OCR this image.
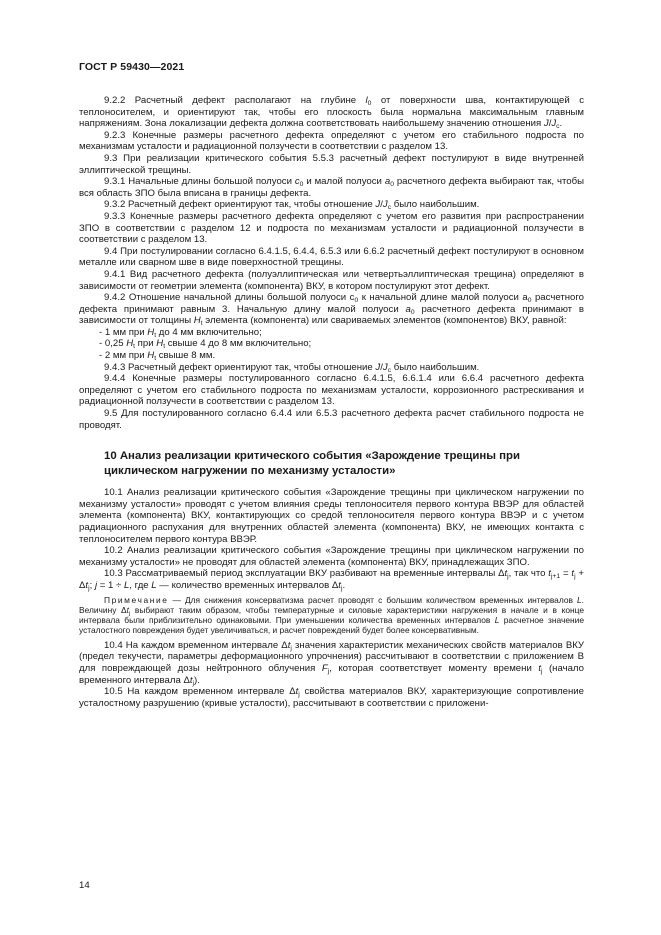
ГОСТ Р 59430—2021

9.2.2 Расчетный дефект располагают на глубине $l_0$ от поверхности шва, контактирующей с теплоносителем, и ориентируют так, чтобы его плоскость была нормальна максимальным главным напряжениям. Зона локализации дефекта должна соответствовать наибольшему значению отношения $J/J_c$.

9.2.3 Конечные размеры расчетного дефекта определяют с учетом его стабильного подроста по механизмам усталости и радиационной ползучести в соответствии с разделом 13.

9.3 При реализации критического события 5.5.3 расчетный дефект постулируют в виде внутренней эллиптической трещины.

9.3.1 Начальные длины большой полуоси $c_0$ и малой полуоси $a_0$ расчетного дефекта выбирают так, чтобы вся область ЗПО была вписана в границы дефекта.

9.3.2 Расчетный дефект ориентируют так, чтобы отношение $J/J_c$ было наибольшим.

9.3.3 Конечные размеры расчетного дефекта определяют с учетом его развития при распространении ЗПО в соответствии с разделом 12 и подроста по механизмам усталости и радиационной ползучести в соответствии с разделом 13.

9.4 При постулировании согласно 6.4.1.5, 6.4.4, 6.5.3 или 6.6.2 расчетный дефект постулируют в основном металле или сварном шве в виде поверхностной трещины.

9.4.1 Вид расчетного дефекта (полуэллиптическая или четвертьэллиптическая трещина) определяют в зависимости от геометрии элемента (компонента) ВКУ, в котором постулируют этот дефект.

9.4.2 Отношение начальной длины большой полуоси $c_0$ к начальной длине малой полуоси $a_0$ расчетного дефекта принимают равным 3. Начальную длину малой полуоси $a_0$ расчетного дефекта принимают в зависимости от толщины $H_t$ элемента (компонента) или свариваемых элементов (компонентов) ВКУ, равной:

- 1 мм при $H_t$ до 4 мм включительно;

- 0,25 $H_t$ при $H_t$ свыше 4 до 8 мм включительно;

- 2 мм при $H_t$ свыше 8 мм.

9.4.3 Расчетный дефект ориентируют так, чтобы отношение $J/J_c$ было наибольшим.

9.4.4 Конечные размеры постулированного согласно 6.4.1.5, 6.6.1.4 или 6.6.4 расчетного дефекта определяют с учетом его стабильного подроста по механизмам усталости, коррозионного растрескивания и радиационной ползучести в соответствии с разделом 13.

9.5 Для постулированного согласно 6.4.4 или 6.5.3 расчетного дефекта расчет стабильного подроста не проводят.

10 Анализ реализации критического события «Зарождение трещины при циклическом нагружении по механизму усталости»

10.1 Анализ реализации критического события «Зарождение трещины при циклическом нагружении по механизму усталости» проводят с учетом влияния среды теплоносителя первого контура ВВЭР для областей элемента (компонента) ВКУ, контактирующих со средой теплоносителя первого контура ВВЭР и с учетом радиационного распухания для внутренних областей элемента (компонента) ВКУ, не имеющих контакта с теплоносителем первого контура ВВЭР.

10.2 Анализ реализации критического события «Зарождение трещины при циклическом нагружении по механизму усталости» не проводят для областей элемента (компонента) ВКУ, принадлежащих ЗПО.

10.3 Рассматриваемый период эксплуатации ВКУ разбивают на временные интервалы $\Delta t_j$, так что $t_{j+1} = t_j + \Delta t_j$; j = 1 ÷ L, где L — количество временных интервалов $\Delta t_j$.

Примечание — Для снижения консерватизма расчет проводят с большим количеством временных интервалов L. Величину $\Delta t_j$ выбирают таким образом, чтобы температурные и силовые характеристики нагружения в начале и в конце интервала были приблизительно одинаковыми. При уменьшении количества временных интервалов L расчетное значение усталостного повреждения будет увеличиваться, и расчет повреждений будет более консервативным.

10.4 На каждом временном интервале $\Delta t_j$ значения характеристик механических свойств материалов ВКУ (предел текучести, параметры деформационного упрочнения) рассчитывают в соответствии с приложением В для повреждающей дозы нейтронного облучения $F_j$, которая соответствует моменту времени $t_j$ (начало временного интервала $\Delta t_j$).

10.5 На каждом временном интервале $\Delta t_j$ свойства материалов ВКУ, характеризующие сопротивление усталостному разрушению (кривые усталости), рассчитывают в соответствии с приложени-

14
